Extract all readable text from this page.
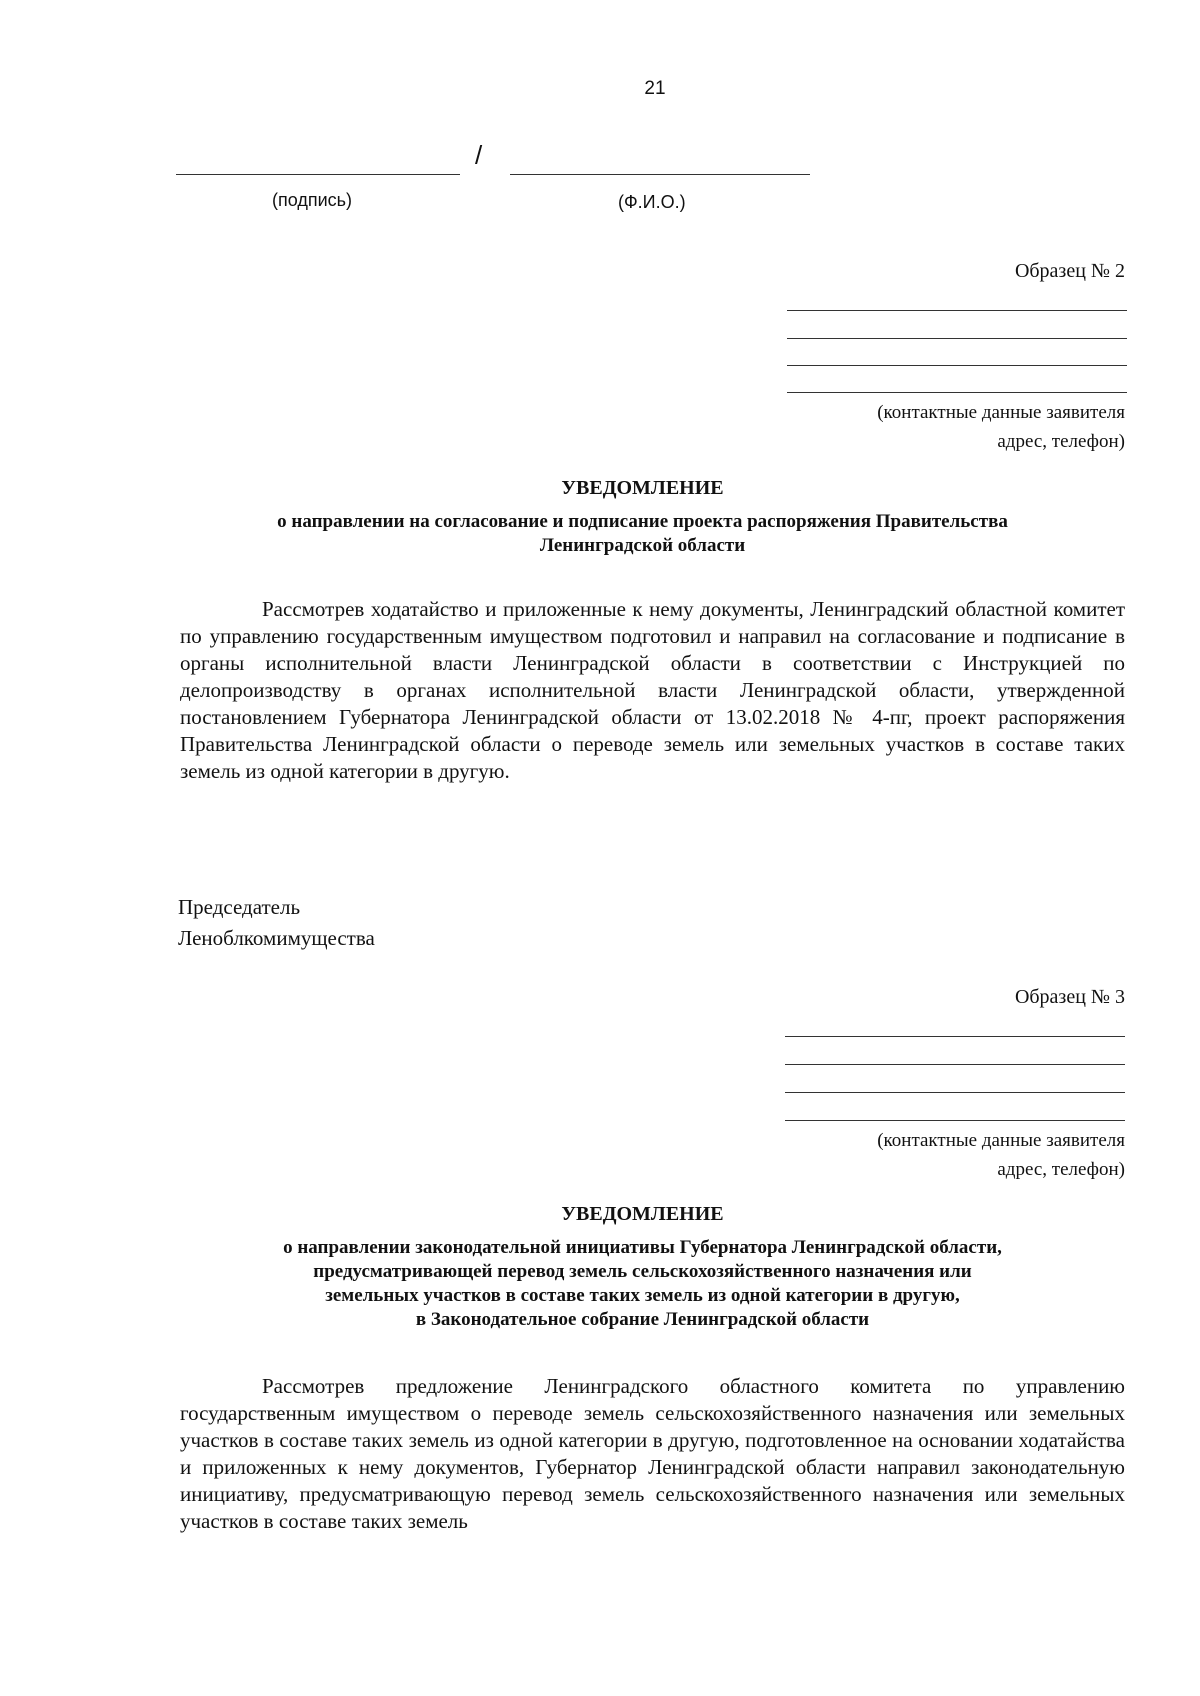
21
/
(подпись)	(Ф.И.О.)
Образец № 2
(контактные данные заявителя
адрес, телефон)
УВЕДОМЛЕНИЕ
о направлении на согласование и подписание проекта распоряжения Правительства
Ленинградской области
Рассмотрев ходатайство и приложенные к нему документы, Ленинградский областной комитет по управлению государственным имуществом подготовил и направил на согласование и подписание в органы исполнительной власти Ленинградской области в соответствии с Инструкцией по делопроизводству в органах исполнительной власти Ленинградской области, утвержденной постановлением Губернатора Ленинградской области от 13.02.2018 № 4-пг, проект распоряжения Правительства Ленинградской области о переводе земель или земельных участков в составе таких земель из одной категории в другую.
Председатель
Леноблкомимущества
Образец № 3
(контактные данные заявителя
адрес, телефон)
УВЕДОМЛЕНИЕ
о направлении законодательной инициативы Губернатора Ленинградской области,
предусматривающей перевод земель сельскохозяйственного назначения или
земельных участков в составе таких земель из одной категории в другую,
в Законодательное собрание Ленинградской области
Рассмотрев предложение Ленинградского областного комитета по управлению государственным имуществом о переводе земель сельскохозяйственного назначения или земельных участков в составе таких земель из одной категории в другую, подготовленное на основании ходатайства и приложенных к нему документов, Губернатор Ленинградской области направил законодательную инициативу, предусматривающую перевод земель сельскохозяйственного назначения или земельных участков в составе таких земель
